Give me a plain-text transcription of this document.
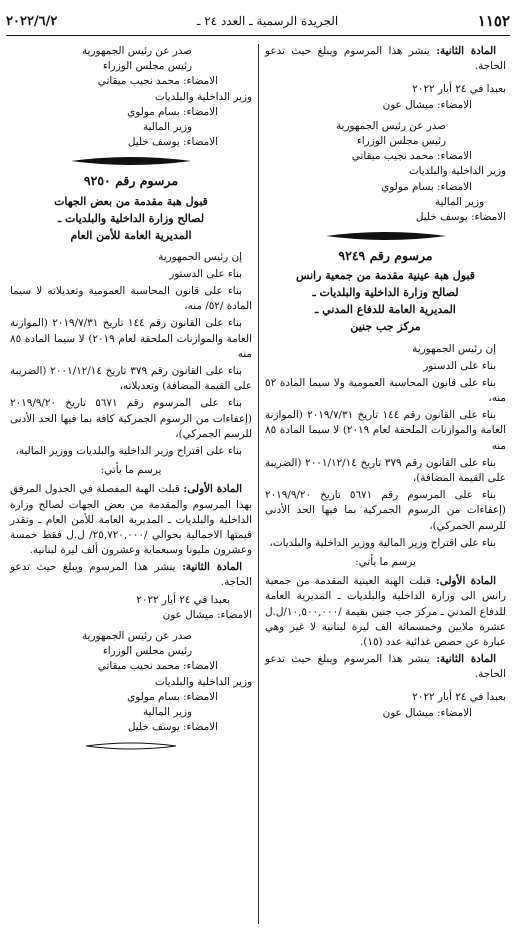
١١٥٢
الجريدة الرسمية ـ العدد ٢٤ ـ
٢٠٢٢/٦/٢

المادة الثانية: ينشر هذا المرسوم ويبلغ حيث تدعو الحاجة.

بعبدا في ٢٤ أيار ٢٠٢٢

الامضاء: ميشال عون

صدر عن رئيس الجمهورية

رئيس مجلس الوزراء

الامضاء: محمد نجيب ميقاتي

وزير الداخلية والبلديات

الامضاء: بسام مولوي

وزير المالية

الامضاء: يوسف خليل

مرسوم رقم ٩٢٤٩

قبول هبة عينية مقدمة من جمعية رانس

لصالح وزارة الداخلية والبلديات ـ

المديرية العامة للدفاع المدني ـ

مركز جب جنين

إن رئيس الجمهورية

بناء على الدستور

بناء على قانون المحاسبة العمومية ولا سيما المادة ٥٢ منه،

بناء على القانون رقم ١٤٤ تاريخ ٢٠١٩/٧/٣١ (الموازنة العامة والموازنات الملحقة لعام ٢٠١٩) لا سيما المادة ٨٥ منه

بناء على القانون رقم ٣٧٩ تاريخ ٢٠٠١/١٢/١٤ (الضريبة على القيمة المضافة)،

بناء على المرسوم رقم ٥٦٧١ تاريخ ٢٠١٩/٩/٢٠ (إعفاءات من الرسوم الجمركية بما فيها الحد الأدنى للرسم الجمركي)،

بناء على اقتراح وزير المالية ووزير الداخلية والبلديات،

يرسم ما يأتي:

المادة الأولى: قبلت الهبة العينية المقدمة من جمعية رانس الى وزارة الداخلية والبلديات ـ المديرية العامة للدفاع المدني ـ مركز جب جنين بقيمة /١٠,٥٠٠,٠٠٠/ل.ل عشرة ملايين وخمسمائة الف ليرة لبنانية لا غير وهي عبارة عن حصص غذائية عدد (١٥).

المادة الثانية: ينشر هذا المرسوم ويبلغ حيث تدعو الحاجة.

بعبدا في ٢٤ أيار ٢٠٢٢

الامضاء: ميشال عون

صدر عن رئيس الجمهورية

رئيس مجلس الوزراء

الامضاء: محمد نجيب ميقاتي

وزير الداخلية والبلديات

الامضاء: بسام مولوي

وزير المالية

الامضاء: يوسف خليل

مرسوم رقم ٩٢٥٠

قبول هبة مقدمة من بعض الجهات

لصالح وزارة الداخلية والبلديات ـ

المديرية العامة للأمن العام

إن رئيس الجمهورية

بناء على الدستور

بناء على قانون المحاسبة العمومية وتعديلاته لا سيما المادة /٥٢/ منه،

بناء على القانون رقم ١٤٤ تاريخ ٢٠١٩/٧/٣١ (الموازنة العامة والموازنات الملحقة لعام ٢٠١٩) لا سيما المادة ٨٥ منه

بناء على القانون رقم ٣٧٩ تاريخ ٢٠٠١/١٢/١٤ (الضريبة على القيمة المضافة) وتعديلاته،

بناء على المرسوم رقم ٥٦٧١ تاريخ ٢٠١٩/٩/٢٠ (إعفاءات من الرسوم الجمركية كافة بما فيها الحد الأدنى للرسم الجمركي)،

بناء على اقتراح وزير الداخلية والبلديات ووزير المالية،

يرسم ما يأتي:

المادة الأولى: قبلت الهبة المفصلة في الجدول المرفق بهذا المرسوم والمقدمة من بعض الجهات لصالح وزارة الداخلية والبلديات ـ المديرية العامة للأمن العام ـ وتقدر قيمتها الاجمالية بحوالي /٢٥,٧٢٠,٠٠٠/ ل.ل فقط خمسة وعشرون مليونا وسبعماية وعشرون ألف ليرة لبنانية.

المادة الثانية: ينشر هذا المرسوم ويبلغ حيث تدعو الحاجة.

بعبدا في ٢٤ أيار ٢٠٢٢

الامضاء: ميشال عون

صدر عن رئيس الجمهورية

رئيس مجلس الوزراء

الامضاء: محمد نجيب ميقاتي

وزير الداخلية والبلديات

الامضاء: بسام مولوي

وزير المالية

الامضاء: يوسف خليل
